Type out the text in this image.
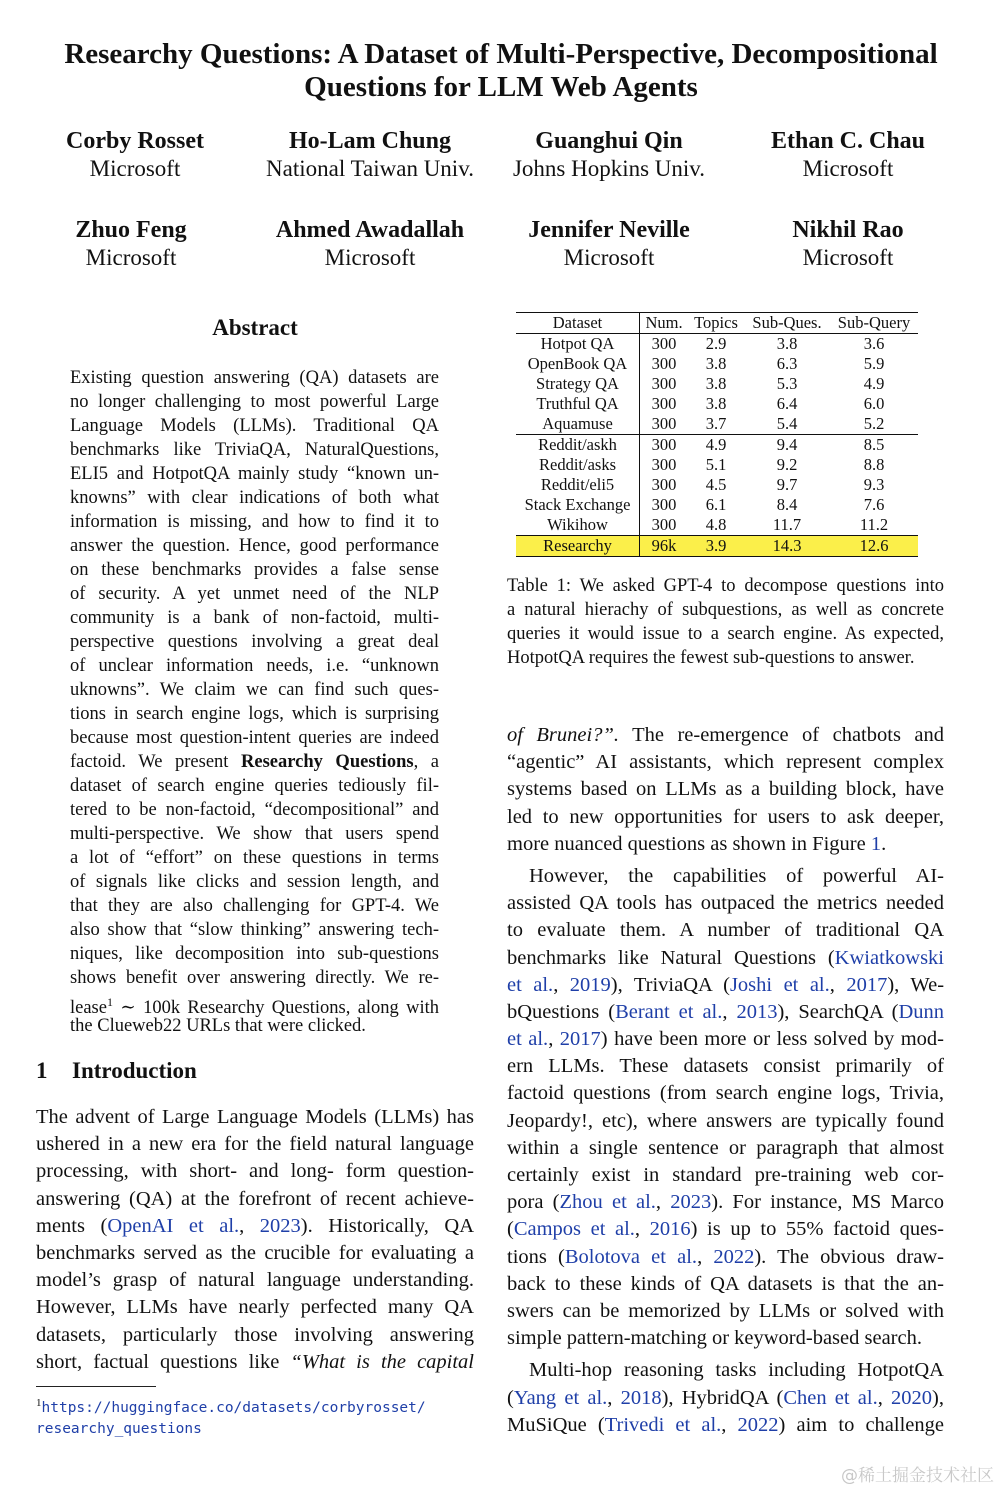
Researchy Questions: A Dataset of Multi-Perspective, Decompositional
Questions for LLM Web Agents
Corby Rosset
Microsoft
Ho-Lam Chung
National Taiwan Univ.
Guanghui Qin
Johns Hopkins Univ.
Ethan C. Chau
Microsoft
Zhuo Feng
Microsoft
Ahmed Awadallah
Microsoft
Jennifer Neville
Microsoft
Nikhil Rao
Microsoft
Abstract
Existing question answering (QA) datasets are
no longer challenging to most powerful Large
Language Models (LLMs). Traditional QA
benchmarks like TriviaQA, NaturalQuestions,
ELI5 and HotpotQA mainly study “known un-
knowns” with clear indications of both what
information is missing, and how to find it to
answer the question. Hence, good performance
on these benchmarks provides a false sense
of security. A yet unmet need of the NLP
community is a bank of non-factoid, multi-
perspective questions involving a great deal
of unclear information needs, i.e. “unknown
uknowns”. We claim we can find such ques-
tions in search engine logs, which is surprising
because most question-intent queries are indeed
factoid. We present Researchy Questions, a
dataset of search engine queries tediously fil-
tered to be non-factoid, “decompositional” and
multi-perspective. We show that users spend
a lot of “effort” on these questions in terms
of signals like clicks and session length, and
that they are also challenging for GPT-4. We
also show that “slow thinking” answering tech-
niques, like decomposition into sub-questions
shows benefit over answering directly. We re-
lease$^1$ ∼ 100k Researchy Questions, along with
the Clueweb22 URLs that were clicked.
1 Introduction
The advent of Large Language Models (LLMs) has
ushered in a new era for the field natural language
processing, with short- and long- form question-
answering (QA) at the forefront of recent achieve-
ments (OpenAI et al., 2023). Historically, QA
benchmarks served as the crucible for evaluating a
model’s grasp of natural language understanding.
However, LLMs have nearly perfected many QA
datasets, particularly those involving answering
short, factual questions like “What is the capital
$^1$https://huggingface.co/datasets/corbyrosset/
researchy_questions
Dataset	Num.	Topics	Sub-Ques.	Sub-Query
Hotpot QA	300	2.9	3.8	3.6
OpenBook QA	300	3.8	6.3	5.9
Strategy QA	300	3.8	5.3	4.9
Truthful QA	300	3.8	6.4	6.0
Aquamuse	300	3.7	5.4	5.2
Reddit/askh	300	4.9	9.4	8.5
Reddit/asks	300	5.1	9.2	8.8
Reddit/eli5	300	4.5	9.7	9.3
Stack Exchange	300	6.1	8.4	7.6
Wikihow	300	4.8	11.7	11.2
Researchy	96k	3.9	14.3	12.6
Table 1: We asked GPT-4 to decompose questions into
a natural hierachy of subquestions, as well as concrete
queries it would issue to a search engine. As expected,
HotpotQA requires the fewest sub-questions to answer.
of Brunei?”. The re-emergence of chatbots and
“agentic” AI assistants, which represent complex
systems based on LLMs as a building block, have
led to new opportunities for users to ask deeper,
more nuanced questions as shown in Figure 1.
However, the capabilities of powerful AI-
assisted QA tools has outpaced the metrics needed
to evaluate them. A number of traditional QA
benchmarks like Natural Questions (Kwiatkowski
et al., 2019), TriviaQA (Joshi et al., 2017), We-
bQuestions (Berant et al., 2013), SearchQA (Dunn
et al., 2017) have been more or less solved by mod-
ern LLMs. These datasets consist primarily of
factoid questions (from search engine logs, Trivia,
Jeopardy!, etc), where answers are typically found
within a single sentence or paragraph that almost
certainly exist in standard pre-training web cor-
pora (Zhou et al., 2023). For instance, MS Marco
(Campos et al., 2016) is up to 55% factoid ques-
tions (Bolotova et al., 2022). The obvious draw-
back to these kinds of QA datasets is that the an-
swers can be memorized by LLMs or solved with
simple pattern-matching or keyword-based search.
Multi-hop reasoning tasks including HotpotQA
(Yang et al., 2018), HybridQA (Chen et al., 2020),
MuSiQue (Trivedi et al., 2022) aim to challenge
@稀土掘金技术社区
